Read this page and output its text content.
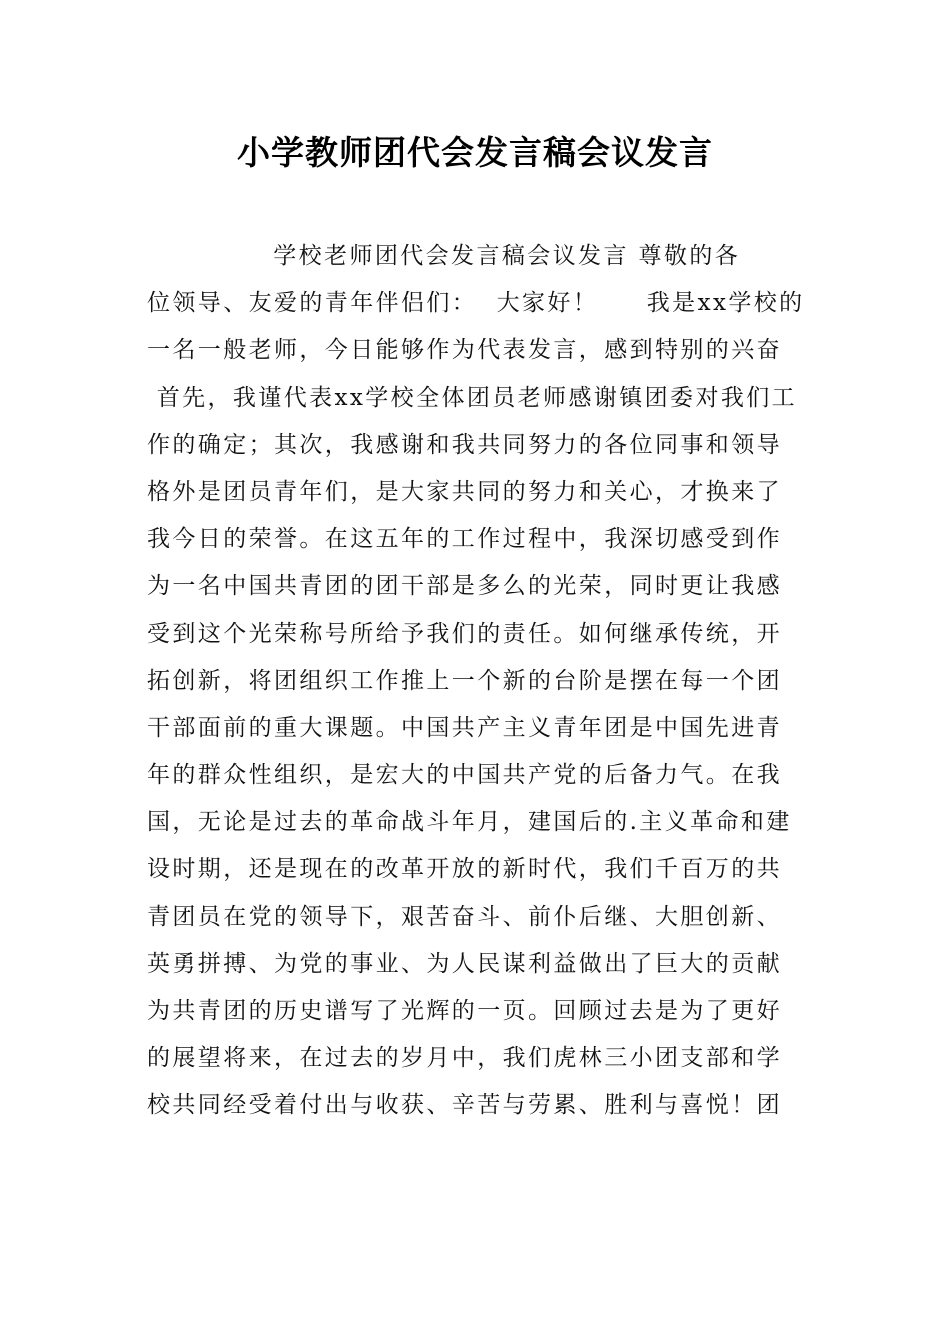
小学教师团代会发言稿会议发言
学校老师团代会发言稿会议发言 尊敬的各
位领导、友爱的青年伴侣们：  大家好！     我是xx学校的
一名一般老师，今日能够作为代表发言，感到特别的兴奋
首先，我谨代表xx学校全体团员老师感谢镇团委对我们工
作的确定；其次，我感谢和我共同努力的各位同事和领导
格外是团员青年们，是大家共同的努力和关心，才换来了
我今日的荣誉。在这五年的工作过程中，我深切感受到作
为一名中国共青团的团干部是多么的光荣，同时更让我感
受到这个光荣称号所给予我们的责任。如何继承传统，开
拓创新，将团组织工作推上一个新的台阶是摆在每一个团
干部面前的重大课题。中国共产主义青年团是中国先进青
年的群众性组织，是宏大的中国共产党的后备力气。在我
国，无论是过去的革命战斗年月，建国后的.主义革命和建
设时期，还是现在的改革开放的新时代，我们千百万的共
青团员在党的领导下，艰苦奋斗、前仆后继、大胆创新、
英勇拼搏、为党的事业、为人民谋利益做出了巨大的贡献
为共青团的历史谱写了光辉的一页。回顾过去是为了更好
的展望将来，在过去的岁月中，我们虎林三小团支部和学
校共同经受着付出与收获、辛苦与劳累、胜利与喜悦！团
